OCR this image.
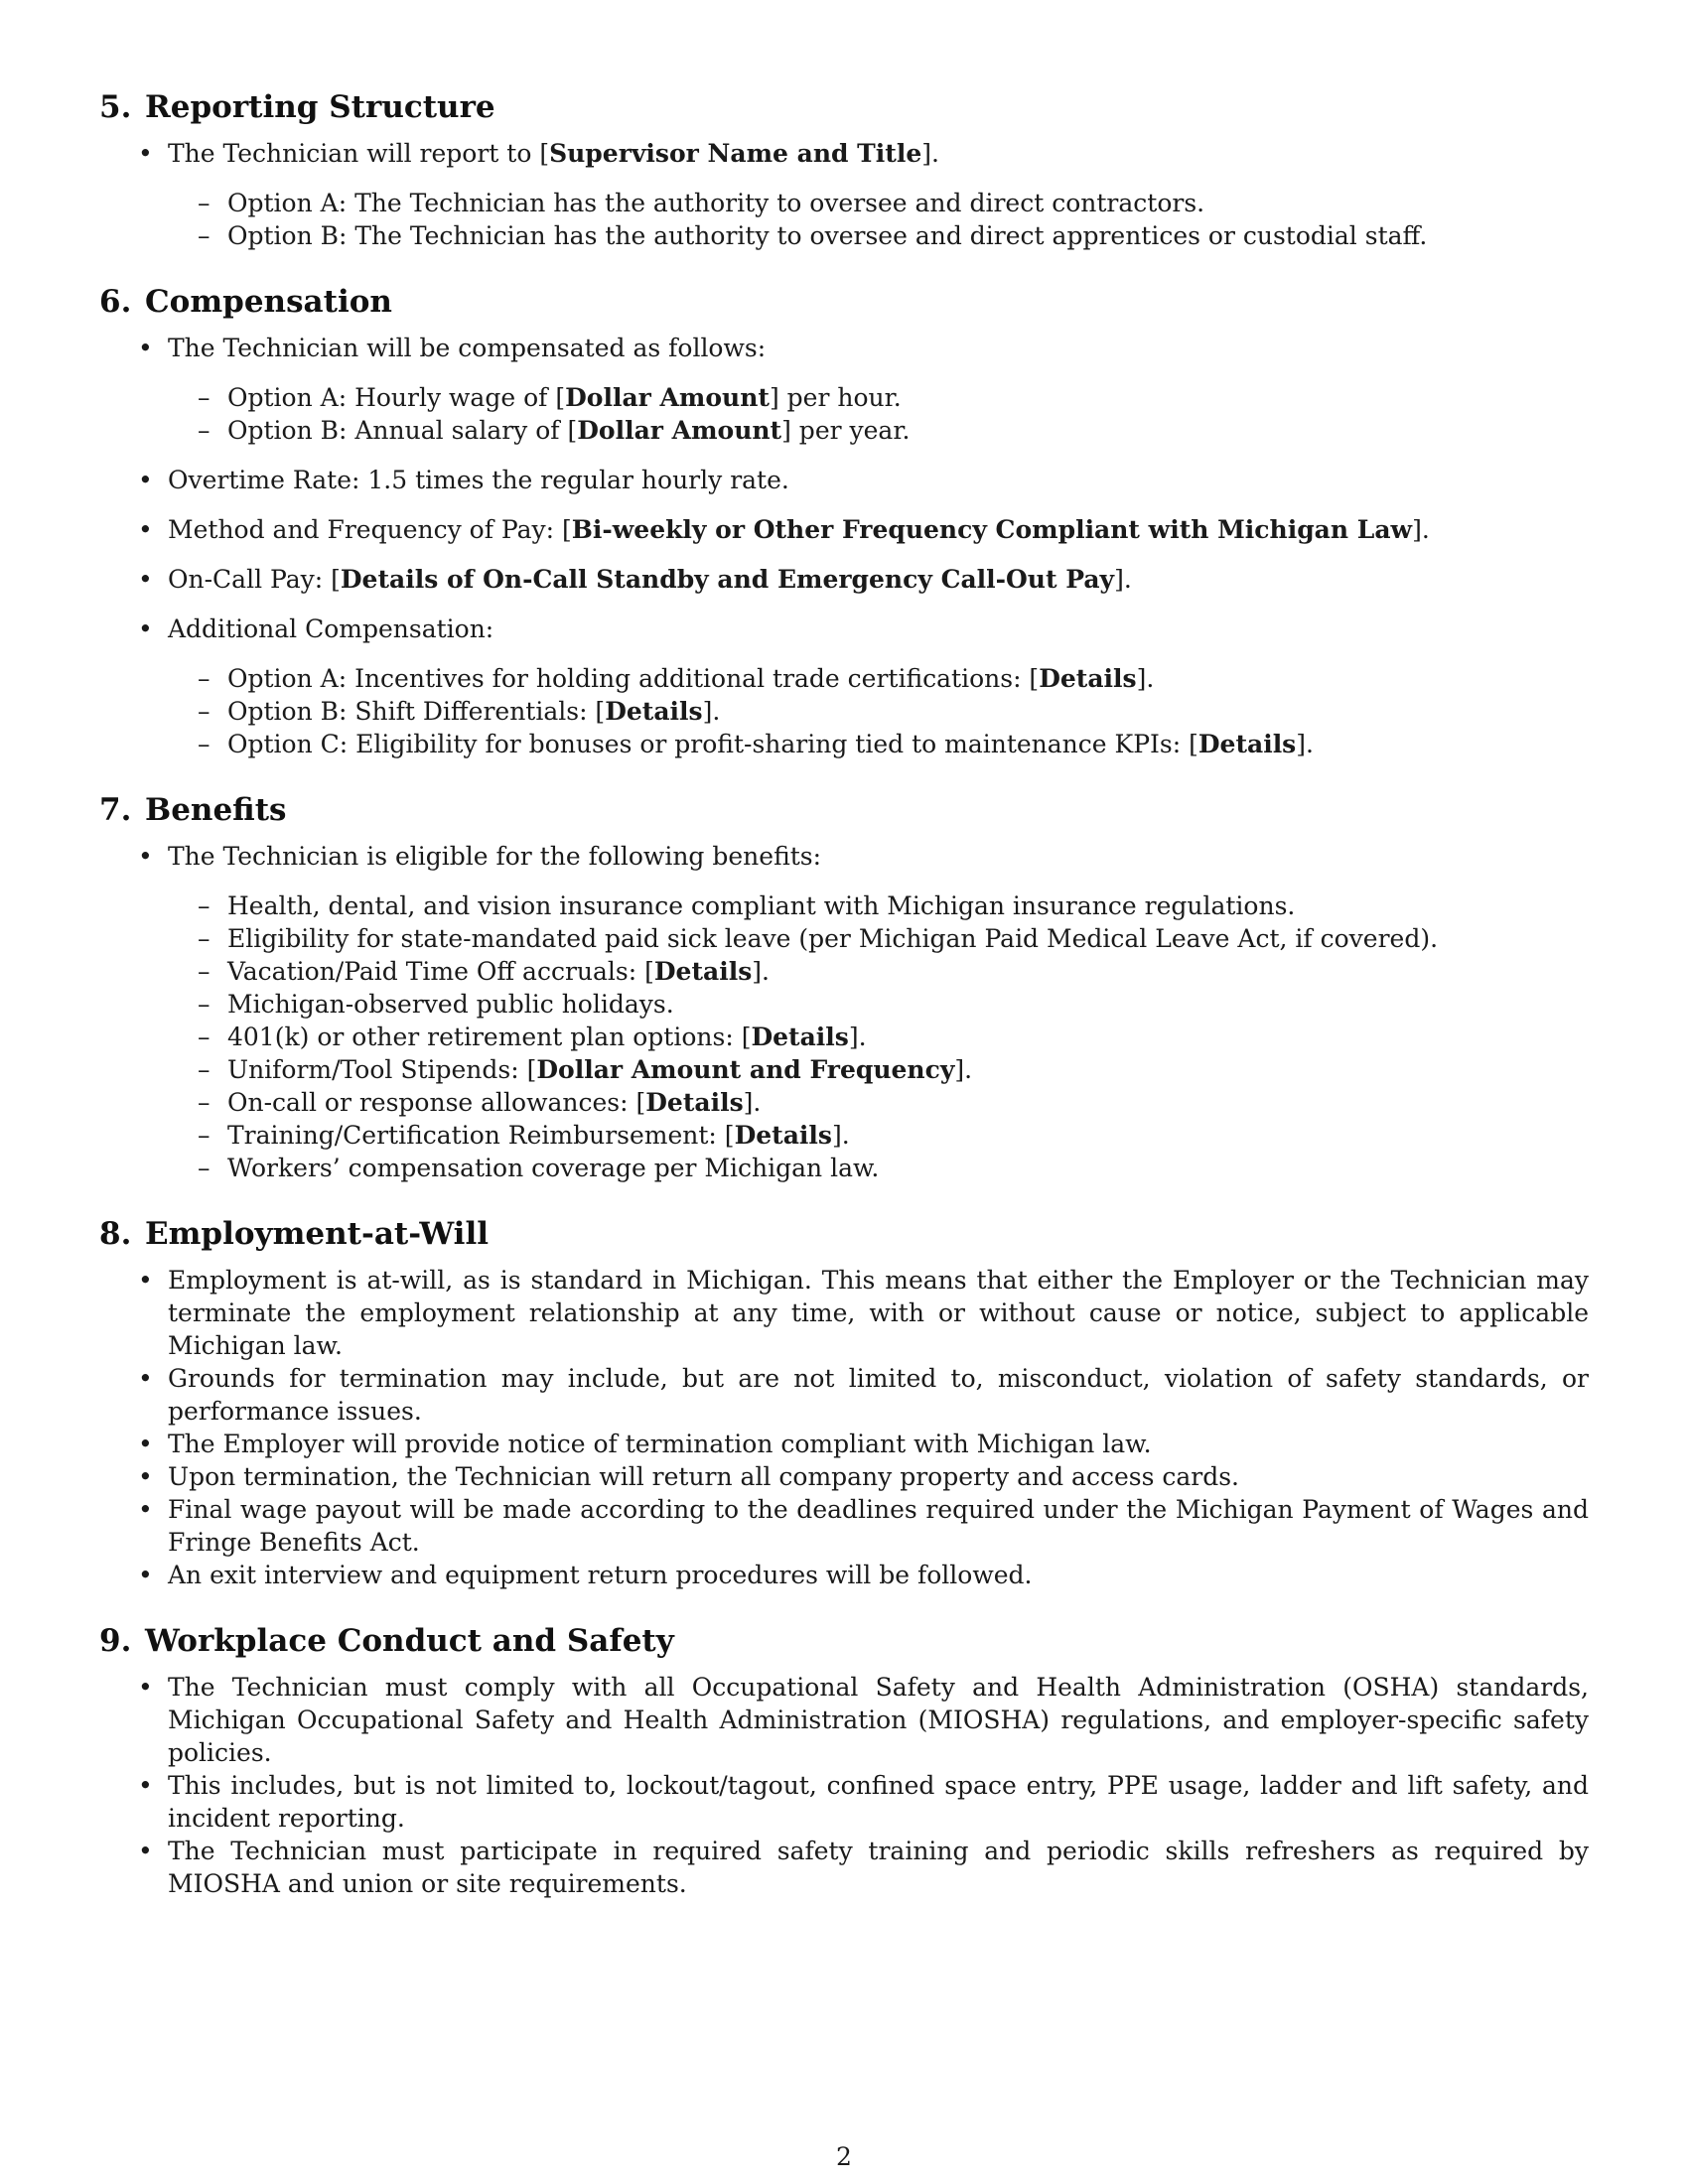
5. Reporting Structure
• The Technician will report to [Supervisor Name and Title].
– Option A: The Technician has the authority to oversee and direct contractors.
– Option B: The Technician has the authority to oversee and direct apprentices or custodial staff.
6. Compensation
• The Technician will be compensated as follows:
– Option A: Hourly wage of [Dollar Amount] per hour.
– Option B: Annual salary of [Dollar Amount] per year.
• Overtime Rate: 1.5 times the regular hourly rate.
• Method and Frequency of Pay: [Bi-weekly or Other Frequency Compliant with Michigan Law].
• On-Call Pay: [Details of On-Call Standby and Emergency Call-Out Pay].
• Additional Compensation:
– Option A: Incentives for holding additional trade certifications: [Details].
– Option B: Shift Differentials: [Details].
– Option C: Eligibility for bonuses or profit-sharing tied to maintenance KPIs: [Details].
7. Benefits
• The Technician is eligible for the following benefits:
– Health, dental, and vision insurance compliant with Michigan insurance regulations.
– Eligibility for state-mandated paid sick leave (per Michigan Paid Medical Leave Act, if covered).
– Vacation/Paid Time Off accruals: [Details].
– Michigan-observed public holidays.
– 401(k) or other retirement plan options: [Details].
– Uniform/Tool Stipends: [Dollar Amount and Frequency].
– On-call or response allowances: [Details].
– Training/Certification Reimbursement: [Details].
– Workers’ compensation coverage per Michigan law.
8. Employment-at-Will
• Employment is at-will, as is standard in Michigan. This means that either the Employer or the Technician may terminate the employment relationship at any time, with or without cause or notice, subject to applicable Michigan law.
• Grounds for termination may include, but are not limited to, misconduct, violation of safety standards, or performance issues.
• The Employer will provide notice of termination compliant with Michigan law.
• Upon termination, the Technician will return all company property and access cards.
• Final wage payout will be made according to the deadlines required under the Michigan Payment of Wages and Fringe Benefits Act.
• An exit interview and equipment return procedures will be followed.
9. Workplace Conduct and Safety
• The Technician must comply with all Occupational Safety and Health Administration (OSHA) standards, Michigan Occupational Safety and Health Administration (MIOSHA) regulations, and employer-specific safety policies.
• This includes, but is not limited to, lockout/tagout, confined space entry, PPE usage, ladder and lift safety, and incident reporting.
• The Technician must participate in required safety training and periodic skills refreshers as required by MIOSHA and union or site requirements.
2
